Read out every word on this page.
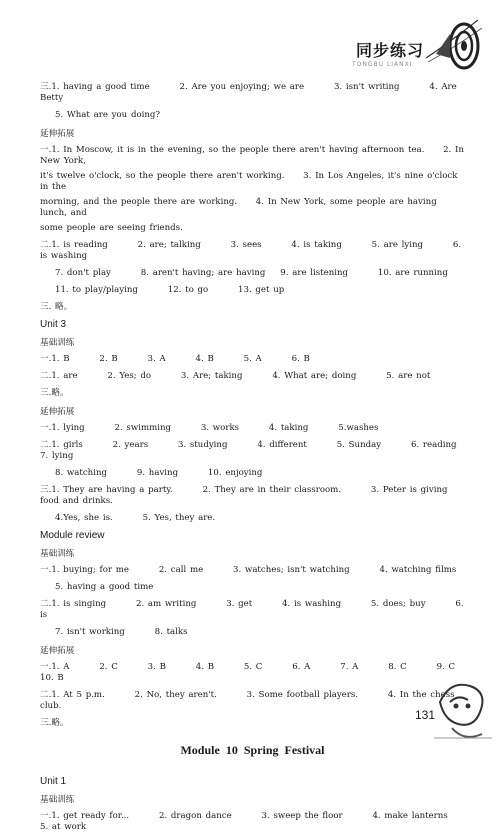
同步练习
TONGBU LIANXI
三.1. having a good time        2. Are you enjoying; we are        3. isn't writing        4. Are Betty
5. What are you doing?
延伸拓展
一.1. In Moscow, it is in the evening, so the people there aren't having afternoon tea.     2. In New York,
it's twelve o'clock, so the people there aren't working.     3. In Los Angeles, it's nine o'clock in the
morning, and the people there are working.     4. In New York, some people are having lunch, and
some people are seeing friends.
二.1. is reading        2. are; talking        3. sees        4. is taking        5. are lying        6. is washing
7. don't play        8. aren't having; are having    9. are listening        10. are running
11. to play/playing        12. to go        13. get up
三. 略。
Unit 3
基础训练
一.1. B        2. B        3. A        4. B        5. A        6. B
二.1. are        2. Yes; do        3. Are; taking        4. What are; doing        5. are not
三.略。
延伸拓展
一.1. lying        2. swimming        3. works        4. taking        5.washes
二.1. girls        2. years        3. studying        4. different        5. Sunday        6. reading        7. lying
8. watching        9. having        10. enjoying
三.1. They are having a party.        2. They are in their classroom.        3. Peter is giving food and drinks.
4.Yes, she is.        5. Yes, they are.
Module review
基础训练
一.1. buying; for me        2. call me        3. watches; isn't watching        4. watching films
5. having a good time
二.1. is singing        2. am writing        3. get        4. is washing        5. does; buy        6. is
7. isn't working        8. talks
延伸拓展
一.1. A        2. C        3. B        4. B        5. C        6. A        7. A        8. C        9. C        10. B
二.1. At 5 p.m.        2. No, they aren't.        3. Some football players.        4. In the chess club.
三.略。
Module 10 Spring Festival
Unit 1
基础训练
一.1. get ready for...        2. dragon dance        3. sweep the floor        4. make lanterns        5. at work
131
